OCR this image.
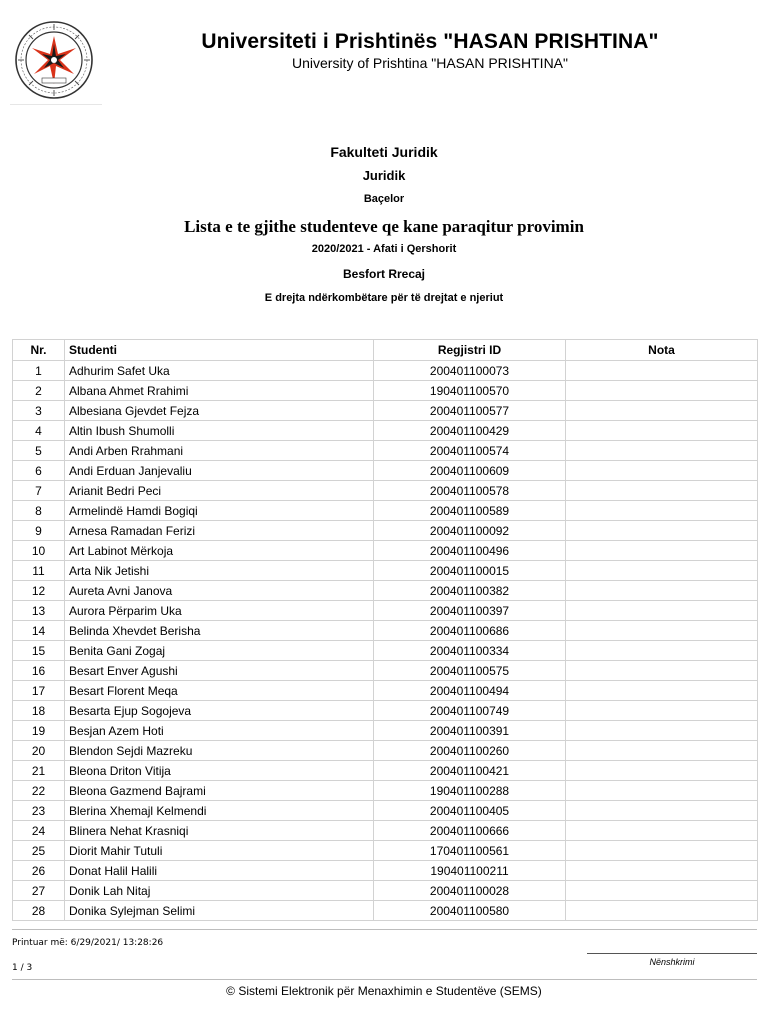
Universiteti i Prishtinës "HASAN PRISHTINA"
University of Prishtina "HASAN PRISHTINA"
Fakulteti Juridik
Juridik
Baçelor
Lista e te gjithe studenteve qe kane paraqitur provimin
2020/2021 - Afati i Qershorit
Besfort Rrecaj
E drejta ndërkombëtare për të drejtat e njeriut
Nr.	Studenti	Regjistri ID	Nota
1	Adhurim Safet Uka	200401100073	
2	Albana Ahmet Rrahimi	190401100570	
3	Albesiana Gjevdet Fejza	200401100577	
4	Altin Ibush Shumolli	200401100429	
5	Andi Arben Rrahmani	200401100574	
6	Andi Erduan Janjevaliu	200401100609	
7	Arianit Bedri Peci	200401100578	
8	Armelindë Hamdi Bogiqi	200401100589	
9	Arnesa Ramadan Ferizi	200401100092	
10	Art Labinot Mërkoja	200401100496	
11	Arta Nik Jetishi	200401100015	
12	Aureta Avni Janova	200401100382	
13	Aurora Përparim Uka	200401100397	
14	Belinda Xhevdet Berisha	200401100686	
15	Benita Gani Zogaj	200401100334	
16	Besart Enver Agushi	200401100575	
17	Besart Florent Meqa	200401100494	
18	Besarta Ejup Sogojeva	200401100749	
19	Besjan Azem Hoti	200401100391	
20	Blendon Sejdi Mazreku	200401100260	
21	Bleona Driton Vitija	200401100421	
22	Bleona Gazmend Bajrami	190401100288	
23	Blerina Xhemajl Kelmendi	200401100405	
24	Blinera Nehat Krasniqi	200401100666	
25	Diorit Mahir Tutuli	170401100561	
26	Donat Halil Halili	190401100211	
27	Donik Lah Nitaj	200401100028	
28	Donika Sylejman Selimi	200401100580	
Printuar më: 6/29/2021/ 13:28:26
Nënshkrimi
1 / 3
© Sistemi Elektronik për Menaxhimin e Studentëve (SEMS)
